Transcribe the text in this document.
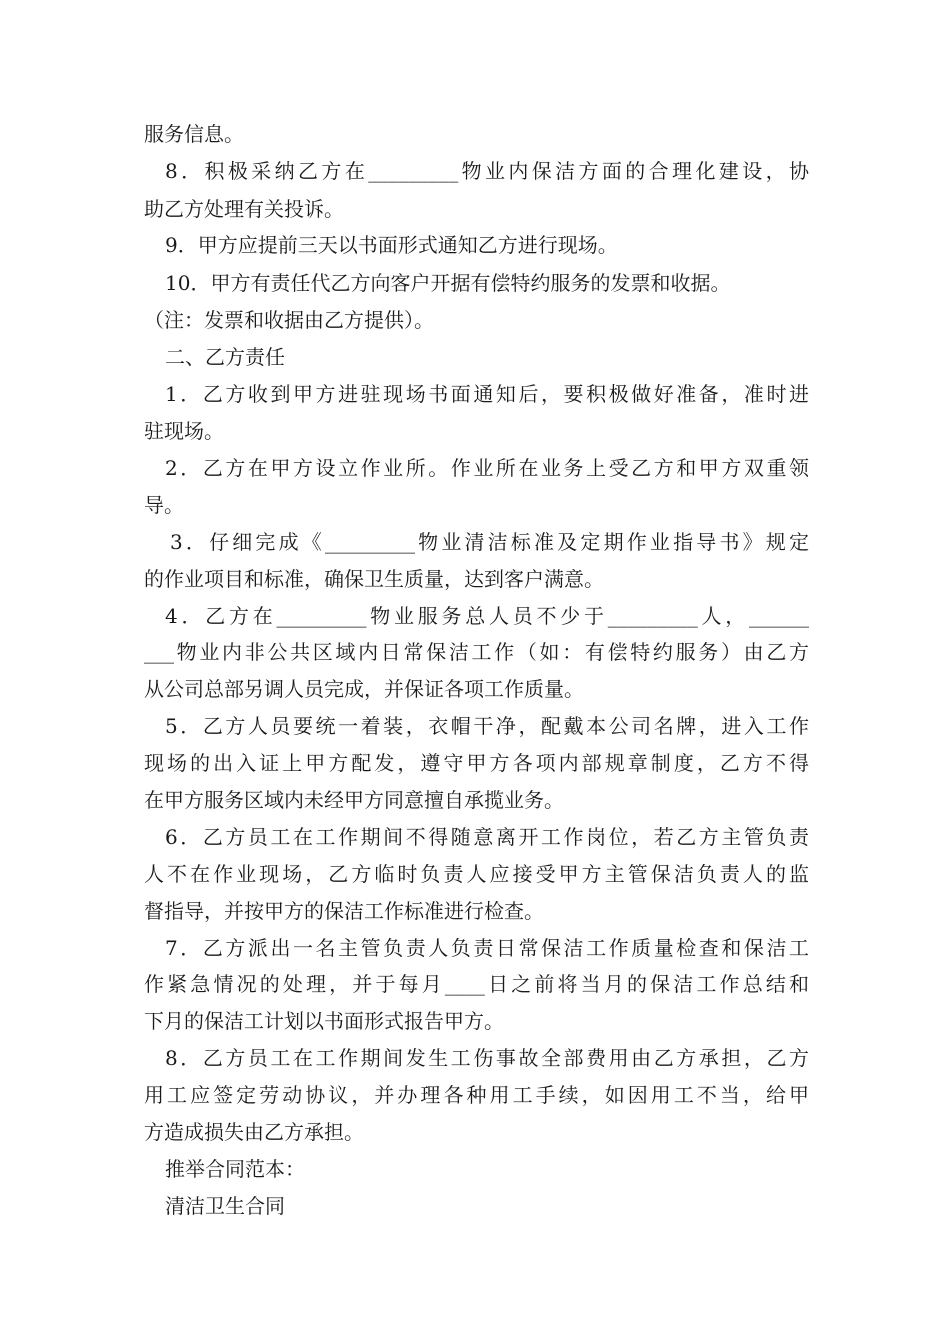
服务信息。
8．积极采纳乙方在_________物业内保洁方面的合理化建设，协
助乙方处理有关投诉。
9．甲方应提前三天以书面形式通知乙方进行现场。
10．甲方有责任代乙方向客户开据有偿特约服务的发票和收据。
（注：发票和收据由乙方提供）。
二、乙方责任
1．乙方收到甲方进驻现场书面通知后，要积极做好准备，准时进
驻现场。
2．乙方在甲方设立作业所。作业所在业务上受乙方和甲方双重领
导。
3．仔细完成《_________物业清洁标准及定期作业指导书》规定
的作业项目和标准，确保卫生质量，达到客户满意。
4．乙方在_________物业服务总人员不少于_________人，______
___物业内非公共区域内日常保洁工作（如：有偿特约服务）由乙方
从公司总部另调人员完成，并保证各项工作质量。
5．乙方人员要统一着装，衣帽干净，配戴本公司名牌，进入工作
现场的出入证上甲方配发，遵守甲方各项内部规章制度，乙方不得
在甲方服务区域内未经甲方同意擅自承揽业务。
6．乙方员工在工作期间不得随意离开工作岗位，若乙方主管负责
人不在作业现场，乙方临时负责人应接受甲方主管保洁负责人的监
督指导，并按甲方的保洁工作标准进行检查。
7．乙方派出一名主管负责人负责日常保洁工作质量检查和保洁工
作紧急情况的处理，并于每月____日之前将当月的保洁工作总结和
下月的保洁工计划以书面形式报告甲方。
8．乙方员工在工作期间发生工伤事故全部费用由乙方承担，乙方
用工应签定劳动协议，并办理各种用工手续，如因用工不当，给甲
方造成损失由乙方承担。
推举合同范本：
清洁卫生合同
